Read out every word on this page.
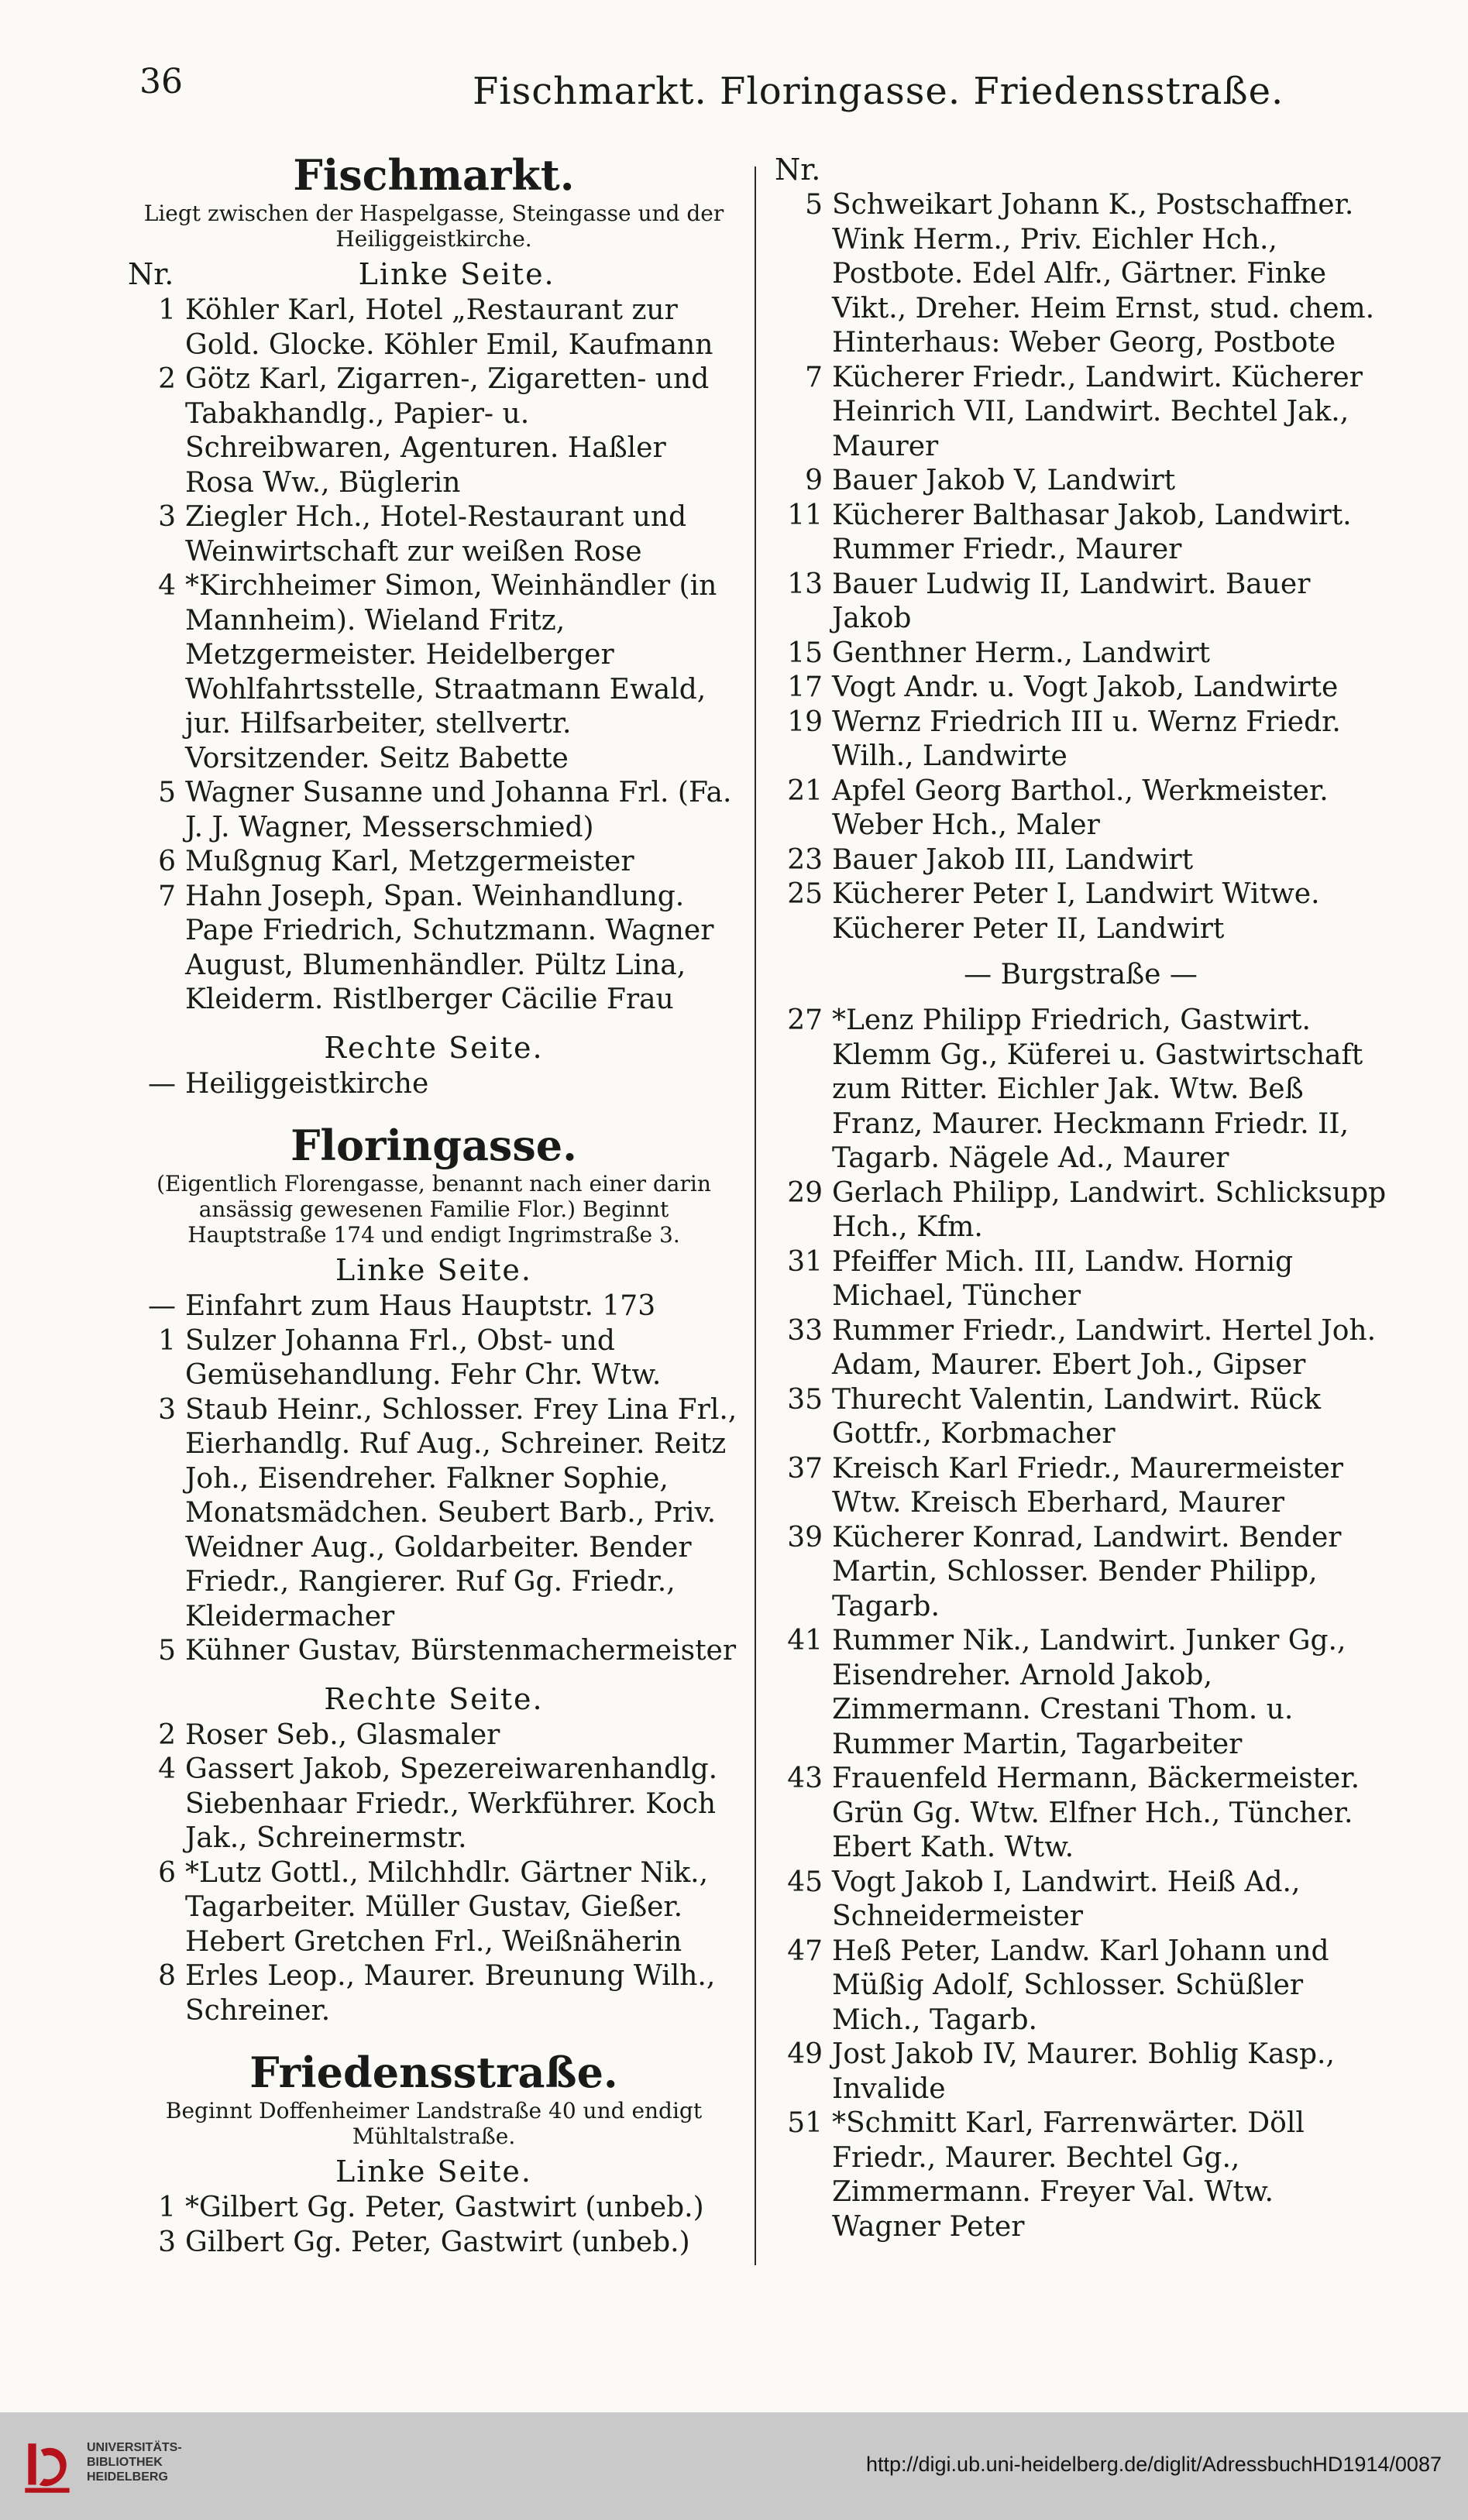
36	Fischmarkt. Floringasse. Friedensstraße.
Fischmarkt.
Liegt zwischen der Haspelgasse, Steingasse und der Heiliggeistkirche.
Nr.	Linke Seite.
1 Köhler Karl, Hotel „Restaurant zur Gold. Glocke. Köhler Emil, Kaufmann
2 Götz Karl, Zigarren-, Zigaretten- und Tabakhandlg., Papier- u. Schreibwaren, Agenturen. Haßler Rosa Ww., Büglerin
3 Ziegler Hch., Hotel-Restaurant und Weinwirtschaft zur weißen Rose
4 *Kirchheimer Simon, Weinhändler (in Mannheim). Wieland Fritz, Metzgermeister. Heidelberger Wohlfahrtsstelle, Straatmann Ewald, jur. Hilfsarbeiter, stellvertr. Vorsitzender. Seitz Babette
5 Wagner Susanne und Johanna Frl. (Fa. J. J. Wagner, Messerschmied)
6 Mußgnug Karl, Metzgermeister
7 Hahn Joseph, Span. Weinhandlung. Pape Friedrich, Schutzmann. Wagner August, Blumenhändler. Pültz Lina, Kleiderm. Ristlberger Cäcilie Frau
Rechte Seite.
— Heiliggeistkirche
Floringasse.
(Eigentlich Florengasse, benannt nach einer darin ansässig gewesenen Familie Flor.) Beginnt Hauptstraße 174 und endigt Ingrimstraße 3.
Linke Seite.
— Einfahrt zum Haus Hauptstr. 173
1 Sulzer Johanna Frl., Obst- und Gemüsehandlung. Fehr Chr. Wtw.
3 Staub Heinr., Schlosser. Frey Lina Frl., Eierhandlg. Ruf Aug., Schreiner. Reitz Joh., Eisendreher. Falkner Sophie, Monatsmädchen. Seubert Barb., Priv. Weidner Aug., Goldarbeiter. Bender Friedr., Rangierer. Ruf Gg. Friedr., Kleidermacher
5 Kühner Gustav, Bürstenmachermeister
Rechte Seite.
2 Roser Seb., Glasmaler
4 Gassert Jakob, Spezereiwarenhandlg. Siebenhaar Friedr., Werkführer. Koch Jak., Schreinermstr.
6 *Lutz Gottl., Milchhdlr. Gärtner Nik., Tagarbeiter. Müller Gustav, Gießer. Hebert Gretchen Frl., Weißnäherin
8 Erles Leop., Maurer. Breunung Wilh., Schreiner.
Friedensstraße.
Beginnt Doffenheimer Landstraße 40 und endigt Mühltalstraße.
Linke Seite.
1 *Gilbert Gg. Peter, Gastwirt (unbeb.)
3 Gilbert Gg. Peter, Gastwirt (unbeb.)
Nr.
5 Schweikart Johann K., Postschaffner. Wink Herm., Priv. Eichler Hch., Postbote. Edel Alfr., Gärtner. Finke Vikt., Dreher. Heim Ernst, stud. chem. Hinterhaus: Weber Georg, Postbote
7 Kücherer Friedr., Landwirt. Kücherer Heinrich VII, Landwirt. Bechtel Jak., Maurer
9 Bauer Jakob V, Landwirt
11 Kücherer Balthasar Jakob, Landwirt. Rummer Friedr., Maurer
13 Bauer Ludwig II, Landwirt. Bauer Jakob
15 Genthner Herm., Landwirt
17 Vogt Andr. u. Vogt Jakob, Landwirte
19 Wernz Friedrich III u. Wernz Friedr. Wilh., Landwirte
21 Apfel Georg Barthol., Werkmeister. Weber Hch., Maler
23 Bauer Jakob III, Landwirt
25 Kücherer Peter I, Landwirt Witwe. Kücherer Peter II, Landwirt
— Burgstraße —
27 *Lenz Philipp Friedrich, Gastwirt. Klemm Gg., Küferei u. Gastwirtschaft zum Ritter. Eichler Jak. Wtw. Beß Franz, Maurer. Heckmann Friedr. II, Tagarb. Nägele Ad., Maurer
29 Gerlach Philipp, Landwirt. Schlicksupp Hch., Kfm.
31 Pfeiffer Mich. III, Landw. Hornig Michael, Tüncher
33 Rummer Friedr., Landwirt. Hertel Joh. Adam, Maurer. Ebert Joh., Gipser
35 Thurecht Valentin, Landwirt. Rück Gottfr., Korbmacher
37 Kreisch Karl Friedr., Maurermeister Wtw. Kreisch Eberhard, Maurer
39 Kücherer Konrad, Landwirt. Bender Martin, Schlosser. Bender Philipp, Tagarb.
41 Rummer Nik., Landwirt. Junker Gg., Eisendreher. Arnold Jakob, Zimmermann. Crestani Thom. u. Rummer Martin, Tagarbeiter
43 Frauenfeld Hermann, Bäckermeister. Grün Gg. Wtw. Elfner Hch., Tüncher. Ebert Kath. Wtw.
45 Vogt Jakob I, Landwirt. Heiß Ad., Schneidermeister
47 Heß Peter, Landw. Karl Johann und Müßig Adolf, Schlosser. Schüßler Mich., Tagarb.
49 Jost Jakob IV, Maurer. Bohlig Kasp., Invalide
51 *Schmitt Karl, Farrenwärter. Döll Friedr., Maurer. Bechtel Gg., Zimmermann. Freyer Val. Wtw. Wagner Peter
UNIVERSITÄTS-
BIBLIOTHEK
HEIDELBERG
http://digi.ub.uni-heidelberg.de/diglit/AdressbuchHD1914/0087
